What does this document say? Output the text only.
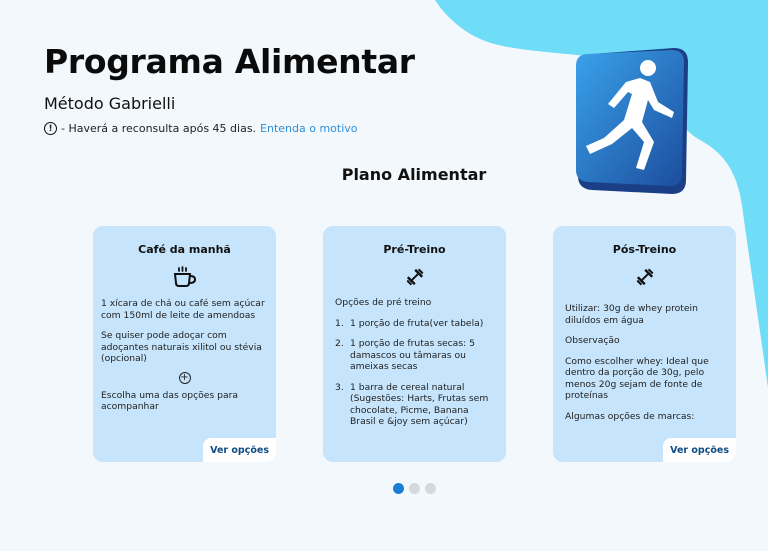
Programa Alimentar
Método Gabrielli
! - Haverá a reconsulta após 45 dias. Entenda o motivo
Plano Alimentar
Café da manhã

1 xícara de chá ou café sem açúcar com 150ml de leite de amendoas

Se quiser pode adoçar com adoçantes naturais xilitol ou stévia (opcional)

+

Escolha uma das opções para acompanhar

Ver opções
Pré-Treino

Opções de pré treino

1. 1 porção de fruta(ver tabela)
2. 1 porção de frutas secas: 5 damascos ou tâmaras ou ameixas secas
3. 1 barra de cereal natural (Sugestões: Harts, Frutas sem chocolate, Picme, Banana Brasil e &joy sem açúcar)
Pós-Treino

Utilizar: 30g de whey protein diluídos em água

Observação

Como escolher whey: Ideal que dentro da porção de 30g, pelo menos 20g sejam de fonte de proteínas

Algumas opções de marcas:

Ver opções
